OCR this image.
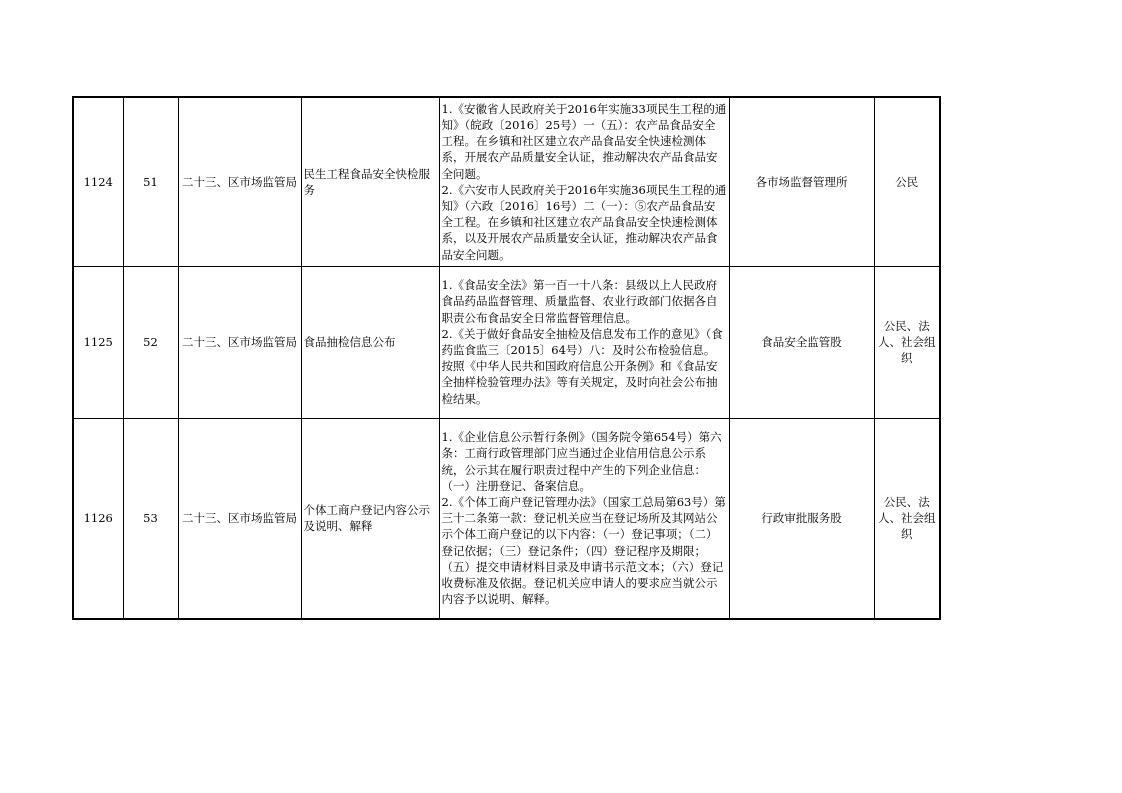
1124	51	二十三、区市场监管局	民生工程食品安全快检服务	1.《安徽省人民政府关于2016年实施33项民生工程的通知》（皖政〔2016〕25号）一（五）：农产品食品安全工程。在乡镇和社区建立农产品食品安全快速检测体系，开展农产品质量安全认证，推动解决农产品食品安全问题。
2.《六安市人民政府关于2016年实施36项民生工程的通知》（六政〔2016〕16号）二（一）：⑤农产品食品安全工程。在乡镇和社区建立农产品食品安全快速检测体系，以及开展农产品质量安全认证，推动解决农产品食品安全问题。	各市场监督管理所	公民
1125	52	二十三、区市场监管局	食品抽检信息公布	1.《食品安全法》第一百一十八条：县级以上人民政府食品药品监督管理、质量监督、农业行政部门依据各自职责公布食品安全日常监督管理信息。
2.《关于做好食品安全抽检及信息发布工作的意见》（食药监食监三〔2015〕64号）八：及时公布检验信息。按照《中华人民共和国政府信息公开条例》和《食品安全抽样检验管理办法》等有关规定，及时向社会公布抽检结果。	食品安全监管股	公民、法人、社会组织
1126	53	二十三、区市场监管局	个体工商户登记内容公示及说明、解释	1.《企业信息公示暂行条例》（国务院令第654号）第六条：工商行政管理部门应当通过企业信用信息公示系统，公示其在履行职责过程中产生的下列企业信息：（一）注册登记、备案信息。
2.《个体工商户登记管理办法》（国家工总局第63号）第三十二条第一款：登记机关应当在登记场所及其网站公示个体工商户登记的以下内容：（一）登记事项；（二）登记依据；（三）登记条件；（四）登记程序及期限；（五）提交申请材料目录及申请书示范文本；（六）登记收费标准及依据。登记机关应申请人的要求应当就公示内容予以说明、解释。	行政审批服务股	公民、法人、社会组织
